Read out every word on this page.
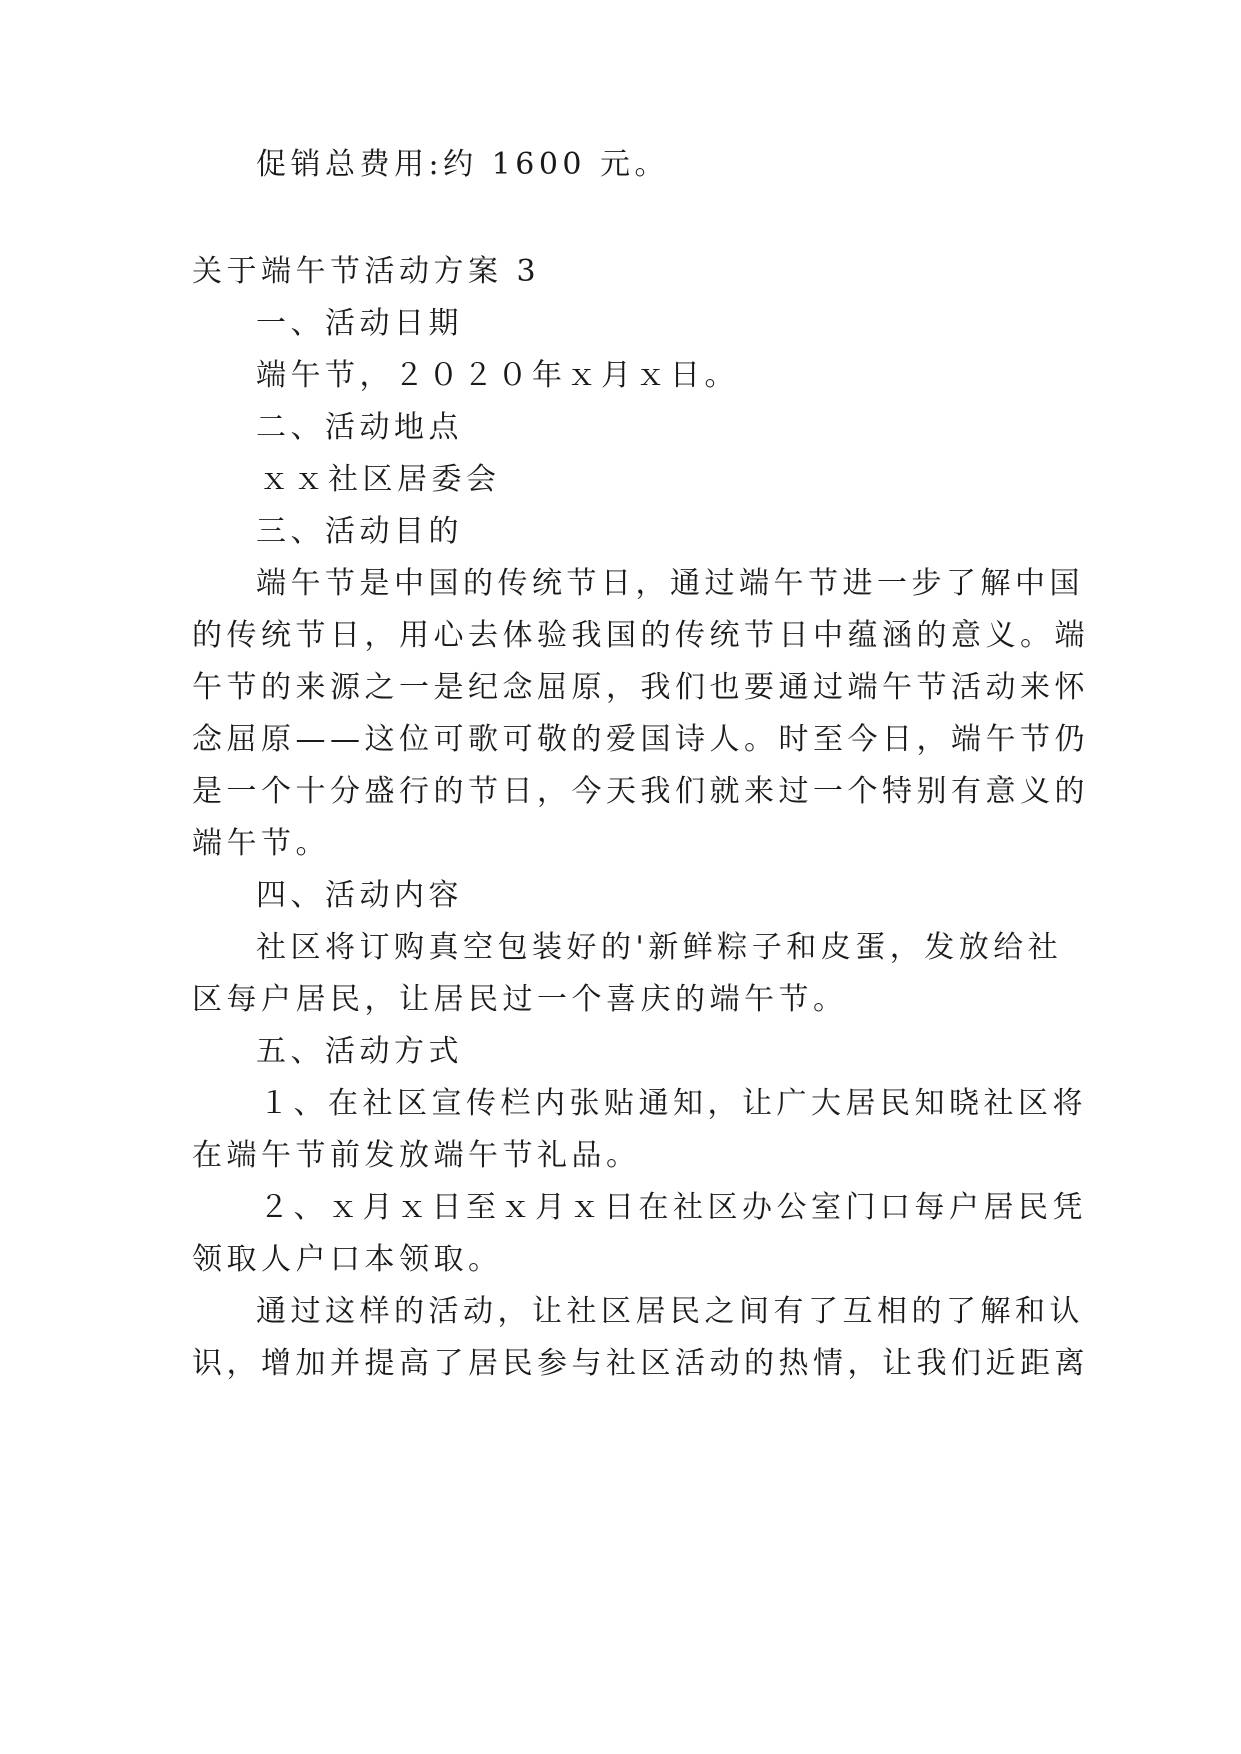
促销总费用:约 1600 元。

关于端午节活动方案 3

一、活动日期

端午节，２０２０年ｘ月ｘ日。

二、活动地点

ｘｘ社区居委会

三、活动目的

端午节是中国的传统节日，通过端午节进一步了解中国

的传统节日，用心去体验我国的传统节日中蕴涵的意义。端

午节的来源之一是纪念屈原，我们也要通过端午节活动来怀

念屈原——这位可歌可敬的爱国诗人。时至今日，端午节仍

是一个十分盛行的节日，今天我们就来过一个特别有意义的

端午节。

四、活动内容

社区将订购真空包装好的'新鲜粽子和皮蛋，发放给社

区每户居民，让居民过一个喜庆的端午节。

五、活动方式

１、在社区宣传栏内张贴通知，让广大居民知晓社区将

在端午节前发放端午节礼品。

２、ｘ月ｘ日至ｘ月ｘ日在社区办公室门口每户居民凭

领取人户口本领取。

通过这样的活动，让社区居民之间有了互相的了解和认

识，增加并提高了居民参与社区活动的热情，让我们近距离
